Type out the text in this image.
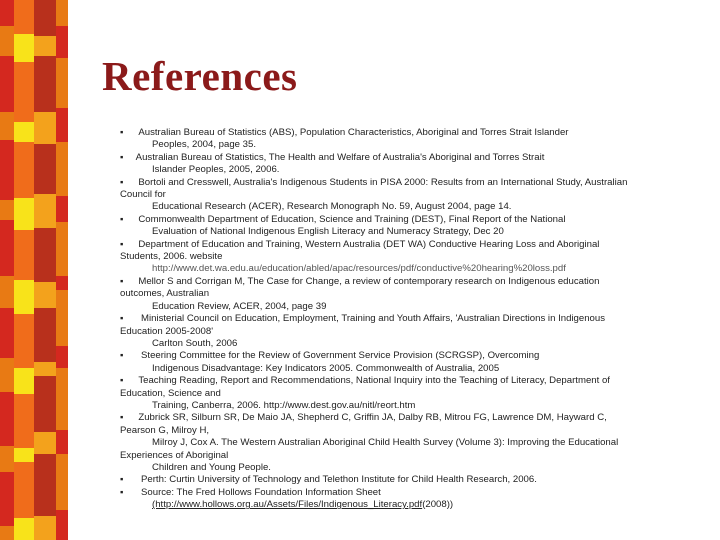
References
▪ Australian Bureau of Statistics (ABS), Population Characteristics, Aboriginal and Torres Strait Islander
Peoples, 2004, page 35.
▪ Australian Bureau of Statistics, The Health and Welfare of Australia's Aboriginal and Torres Strait
Islander Peoples, 2005, 2006.
▪ Bortoli and Cresswell, Australia's Indigenous Students in PISA 2000: Results from an International Study, Australian
Council for
Educational Research (ACER), Research Monograph No. 59, August 2004, page 14.
▪ Commonwealth Department of Education, Science and Training (DEST), Final Report of the National
Evaluation of National Indigenous English Literacy and Numeracy Strategy, Dec 20
▪ Department of Education and Training, Western Australia (DET WA) Conductive Hearing Loss and Aboriginal
Students, 2006. website
http://www.det.wa.edu.au/education/abled/apac/resources/pdf/conductive%20hearing%20loss.pdf
▪ Mellor S and Corrigan M, The Case for Change, a review of contemporary research on Indigenous education
outcomes, Australian
Education Review, ACER, 2004, page 39
▪ Ministerial Council on Education, Employment, Training and Youth Affairs, 'Australian Directions in Indigenous
Education 2005-2008'
Carlton South, 2006
▪ Steering Committee for the Review of Government Service Provision (SCRGSP), Overcoming
Indigenous Disadvantage: Key Indicators 2005. Commonwealth of Australia, 2005
▪ Teaching Reading, Report and Recommendations, National Inquiry into the Teaching of Literacy, Department of
Education, Science and
Training, Canberra, 2006. http://www.dest.gov.au/nitl/reort.htm
▪ Zubrick SR, Silburn SR, De Maio JA, Shepherd C, Griffin JA, Dalby RB, Mitrou FG, Lawrence DM, Hayward C,
Pearson G, Milroy H,
Milroy J, Cox A. The Western Australian Aboriginal Child Health Survey (Volume 3): Improving the Educational
Experiences of Aboriginal
Children and Young People.
▪ Perth: Curtin University of Technology and Telethon Institute for Child Health Research, 2006.
▪ Source: The Fred Hollows Foundation Information Sheet
(http://www.hollows.org.au/Assets/Files/Indigenous_Literacy.pdf(2008))
